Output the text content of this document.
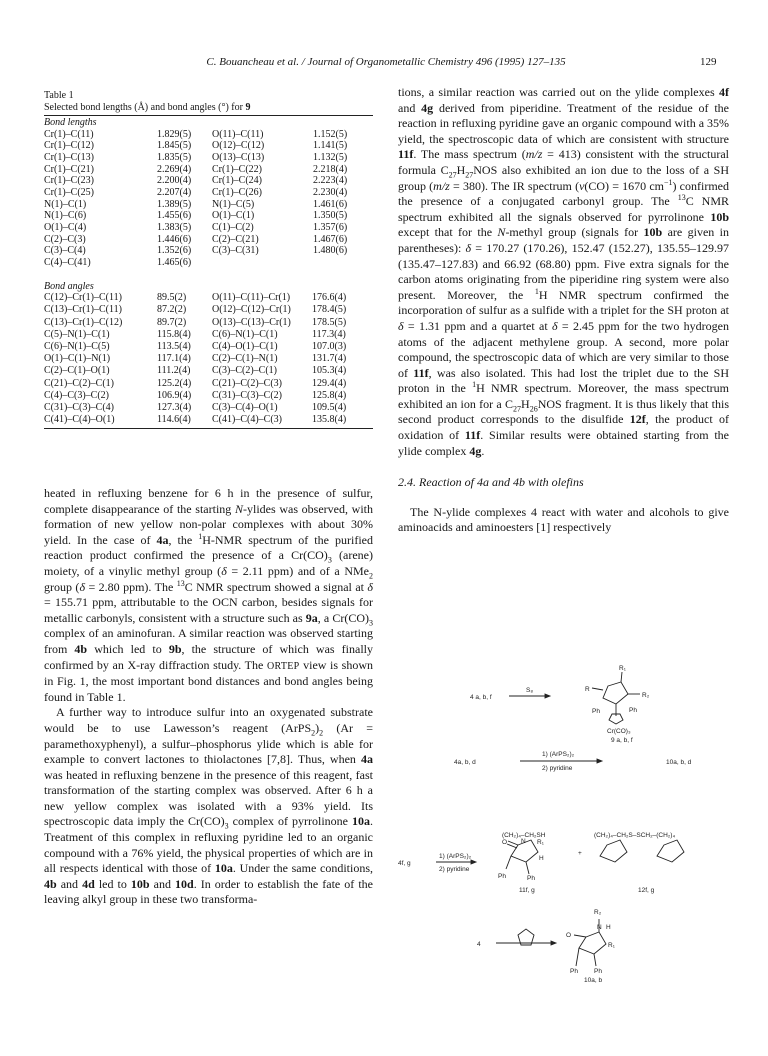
C. Bouancheau et al. / Journal of Organometallic Chemistry 496 (1995) 127–135	129
Table 1
Selected bond lengths (Å) and bond angles (°) for 9
Bond lengths
Cr(1)–C(11)	1.829(5)	O(11)–C(11)	1.152(5)
Cr(1)–C(12)	1.845(5)	O(12)–C(12)	1.141(5)
Cr(1)–C(13)	1.835(5)	O(13)–C(13)	1.132(5)
Cr(1)–C(21)	2.269(4)	Cr(1)–C(22)	2.218(4)
Cr(1)–C(23)	2.200(4)	Cr(1)–C(24)	2.223(4)
Cr(1)–C(25)	2.207(4)	Cr(1)–C(26)	2.230(4)
N(1)–C(1)	1.389(5)	N(1)–C(5)	1.461(6)
N(1)–C(6)	1.455(6)	O(1)–C(1)	1.350(5)
O(1)–C(4)	1.383(5)	C(1)–C(2)	1.357(6)
C(2)–C(3)	1.446(6)	C(2)–C(21)	1.467(6)
C(3)–C(4)	1.352(6)	C(3)–C(31)	1.480(6)
C(4)–C(41)	1.465(6)
Bond angles
C(12)–Cr(1)–C(11)	89.5(2)	O(11)–C(11)–Cr(1)	176.6(4)
C(13)–Cr(1)–C(11)	87.2(2)	O(12)–C(12)–Cr(1)	178.4(5)
C(13)–Cr(1)–C(12)	89.7(2)	O(13)–C(13)–Cr(1)	178.5(5)
C(5)–N(1)–C(1)	115.8(4)	C(6)–N(1)–C(1)	117.3(4)
C(6)–N(1)–C(5)	113.5(4)	C(4)–O(1)–C(1)	107.0(3)
O(1)–C(1)–N(1)	117.1(4)	C(2)–C(1)–N(1)	131.7(4)
C(2)–C(1)–O(1)	111.2(4)	C(3)–C(2)–C(1)	105.3(4)
C(21)–C(2)–C(1)	125.2(4)	C(21)–C(2)–C(3)	129.4(4)
C(4)–C(3)–C(2)	106.9(4)	C(31)–C(3)–C(2)	125.8(4)
C(31)–C(3)–C(4)	127.3(4)	C(3)–C(4)–O(1)	109.5(4)
C(41)–C(4)–O(1)	114.6(4)	C(41)–C(4)–C(3)	135.8(4)

heated in refluxing benzene for 6 h in the presence of sulfur, complete disappearance of the starting N-ylides was observed, with formation of new yellow non-polar complexes with about 30% yield. In the case of 4a, the $^1$H-NMR spectrum of the purified reaction product confirmed the presence of a $Cr(CO)_3$ (arene) moiety, of a vinylic methyl group (δ = 2.11 ppm) and of a NMe$_2$ group (δ = 2.80 ppm). The $^{13}$C NMR spectrum showed a signal at δ = 155.71 ppm, attributable to the OCN carbon, besides signals for metallic carbonyls, consistent with a structure such as 9a, a $Cr(CO)_3$ complex of an aminofuran. A similar reaction was observed starting from 4b which led to 9b, the structure of which was finally confirmed by an X-ray diffraction study. The ORTEP view is shown in Fig. 1, the most important bond distances and bond angles being found in Table 1.

A further way to introduce sulfur into an oxygenated substrate would be to use Lawesson’s reagent $(ArPS_2)_2$ (Ar = paramethoxyphenyl), a sulfur–phosphorus ylide which is able for example to convert lactones to thiolactones [7,8]. Thus, when 4a was heated in refluxing benzene in the presence of this reagent, fast transformation of the starting complex was observed. After 6 h a new yellow complex was isolated with a 93% yield. Its spectroscopic data imply the $Cr(CO)_3$ complex of pyrrolinone 10a. Treatment of this complex in refluxing pyridine led to an organic compound with a 76% yield, the physical properties of which are in all respects identical with those of 10a. Under the same conditions, 4b and 4d led to 10b and 10d. In order to establish the fate of the leaving alkyl group in these two transforma-

tions, a similar reaction was carried out on the ylide complexes 4f and 4g derived from piperidine. Treatment of the residue of the reaction in refluxing pyridine gave an organic compound with a 35% yield, the spectroscopic data of which are consistent with structure 11f. The mass spectrum (m/z = 413) consistent with the structural formula $C_{27}H_{27}NOS$ also exhibited an ion due to the loss of a SH group (m/z = 380). The IR spectrum (ν(CO) = 1670 $cm^{-1}$) confirmed the presence of a conjugated carbonyl group. The $^{13}$C NMR spectrum exhibited all the signals observed for pyrrolinone 10b except that for the N-methyl group (signals for 10b are given in parentheses): δ = 170.27 (170.26), 152.47 (152.27), 135.55–129.97 (135.47–127.83) and 66.92 (68.80) ppm. Five extra signals for the carbon atoms originating from the piperidine ring system were also present. Moreover, the $^1$H NMR spectrum confirmed the incorporation of sulfur as a sulfide with a triplet for the SH proton at δ = 1.31 ppm and a quartet at δ = 2.45 ppm for the two hydrogen atoms of the adjacent methylene group. A second, more polar compound, the spectroscopic data of which are very similar to those of 11f, was also isolated. This had lost the triplet due to the SH proton in the $^1$H NMR spectrum. Moreover, the mass spectrum exhibited an ion for a $C_{27}H_{26}NOS$ fragment. It is thus likely that this second product corresponds to the disulfide 12f, the product of oxidation of 11f. Similar results were obtained starting from the ylide complex 4g.

2.4. Reaction of 4a and 4b with olefins

The N-ylide complexes 4 react with water and alcohols to give aminoacids and aminoesters [1] respectively

4 a, b, f
S₈
R₁
R₂
R
Ph	Ph
Cr(CO)₃
9 a, b, f
4a, b, d
1) (ArPS₂)₂
2) pyridine
10a, b, d
4f, g
1) (ArPS₂)₂
2) pyridine
(CH₂)₄–CH₂SH	(CH₂)₄–CH₂S–SCH₂–(CH₂)₄
O N R₁
H
Ph	Ph
+
11f, g	12f, g
4
R₂
N H
O
R₁
Ph Ph
10a, b
